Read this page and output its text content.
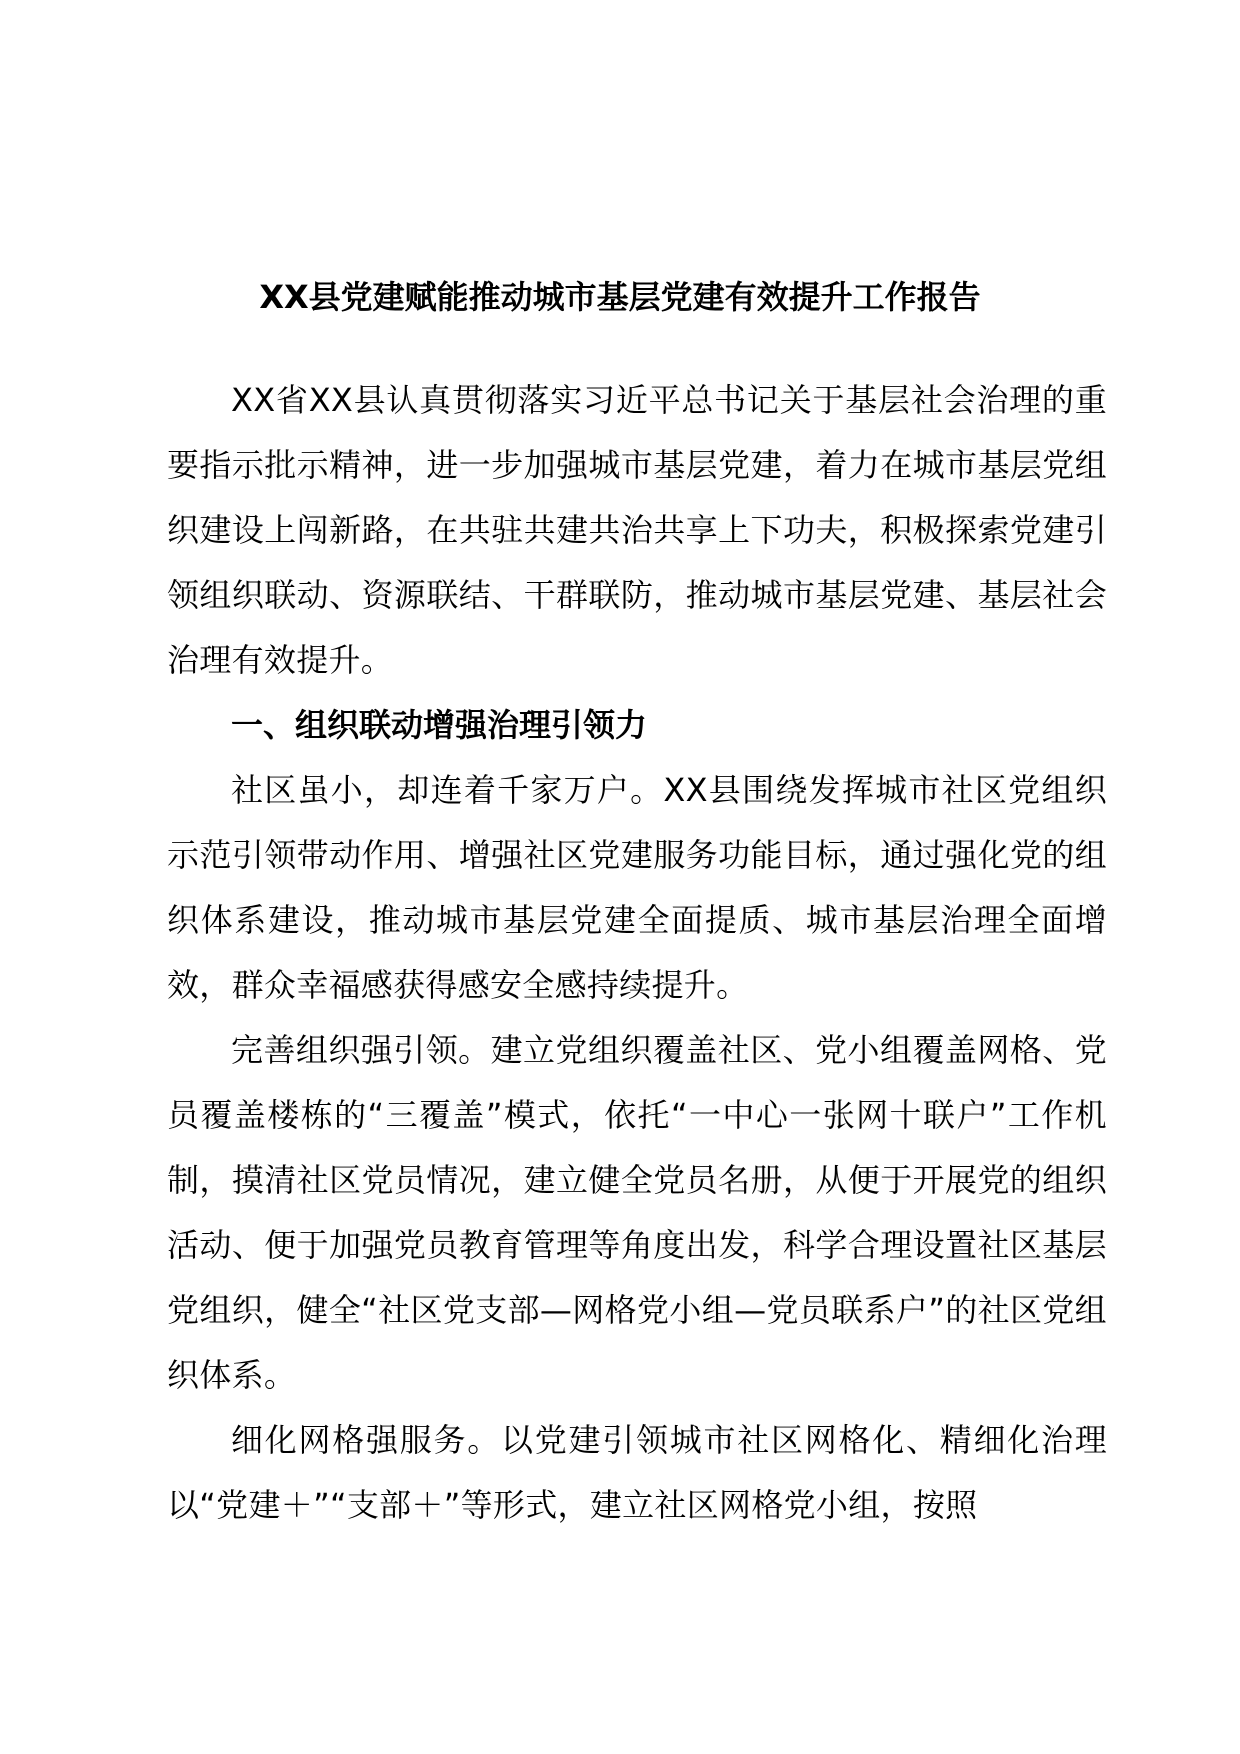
XX县党建赋能推动城市基层党建有效提升工作报告

XX省XX县认真贯彻落实习近平总书记关于基层社会治理的重要指示批示精神，进一步加强城市基层党建，着力在城市基层党组织建设上闯新路，在共驻共建共治共享上下功夫，积极探索党建引领组织联动、资源联结、干群联防，推动城市基层党建、基层社会治理有效提升。

一、组织联动增强治理引领力

社区虽小，却连着千家万户。XX县围绕发挥城市社区党组织示范引领带动作用、增强社区党建服务功能目标，通过强化党的组织体系建设，推动城市基层党建全面提质、城市基层治理全面增效，群众幸福感获得感安全感持续提升。

完善组织强引领。建立党组织覆盖社区、党小组覆盖网格、党员覆盖楼栋的“三覆盖”模式，依托“一中心一张网十联户”工作机制，摸清社区党员情况，建立健全党员名册，从便于开展党的组织活动、便于加强党员教育管理等角度出发，科学合理设置社区基层党组织，健全“社区党支部—网格党小组—党员联系户”的社区党组织体系。

细化网格强服务。以党建引领城市社区网格化、精细化治理以“党建＋”“支部＋”等形式，建立社区网格党小组，按照
